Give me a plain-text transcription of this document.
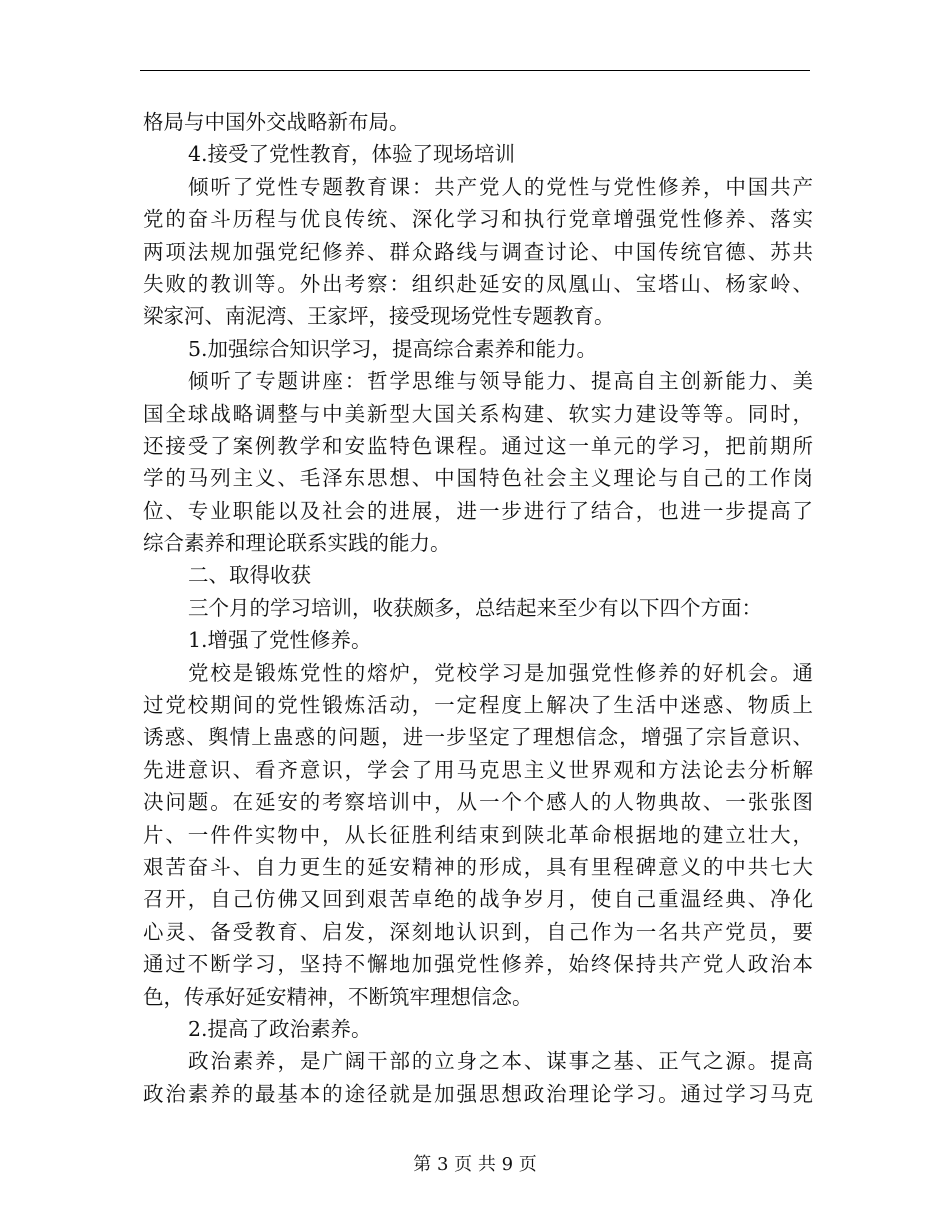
格局与中国外交战略新布局。
4.接受了党性教育，体验了现场培训
倾听了党性专题教育课：共产党人的党性与党性修养，中国共产
党的奋斗历程与优良传统、深化学习和执行党章增强党性修养、落实
两项法规加强党纪修养、群众路线与调查讨论、中国传统官德、苏共
失败的教训等。外出考察：组织赴延安的凤凰山、宝塔山、杨家岭、
梁家河、南泥湾、王家坪，接受现场党性专题教育。
5.加强综合知识学习，提高综合素养和能力。
倾听了专题讲座：哲学思维与领导能力、提高自主创新能力、美
国全球战略调整与中美新型大国关系构建、软实力建设等等。同时，
还接受了案例教学和安监特色课程。通过这一单元的学习，把前期所
学的马列主义、毛泽东思想、中国特色社会主义理论与自己的工作岗
位、专业职能以及社会的进展，进一步进行了结合，也进一步提高了
综合素养和理论联系实践的能力。
二、取得收获
三个月的学习培训，收获颇多，总结起来至少有以下四个方面：
1.增强了党性修养。
党校是锻炼党性的熔炉，党校学习是加强党性修养的好机会。通
过党校期间的党性锻炼活动，一定程度上解决了生活中迷惑、物质上
诱惑、舆情上蛊惑的问题，进一步坚定了理想信念，增强了宗旨意识、
先进意识、看齐意识，学会了用马克思主义世界观和方法论去分析解
决问题。在延安的考察培训中，从一个个感人的人物典故、一张张图
片、一件件实物中，从长征胜利结束到陕北革命根据地的建立壮大，
艰苦奋斗、自力更生的延安精神的形成，具有里程碑意义的中共七大
召开，自己仿佛又回到艰苦卓绝的战争岁月，使自己重温经典、净化
心灵、备受教育、启发，深刻地认识到，自己作为一名共产党员，要
通过不断学习，坚持不懈地加强党性修养，始终保持共产党人政治本
色，传承好延安精神，不断筑牢理想信念。
2.提高了政治素养。
政治素养，是广阔干部的立身之本、谋事之基、正气之源。提高
政治素养的最基本的途径就是加强思想政治理论学习。通过学习马克
第 3 页 共 9 页
